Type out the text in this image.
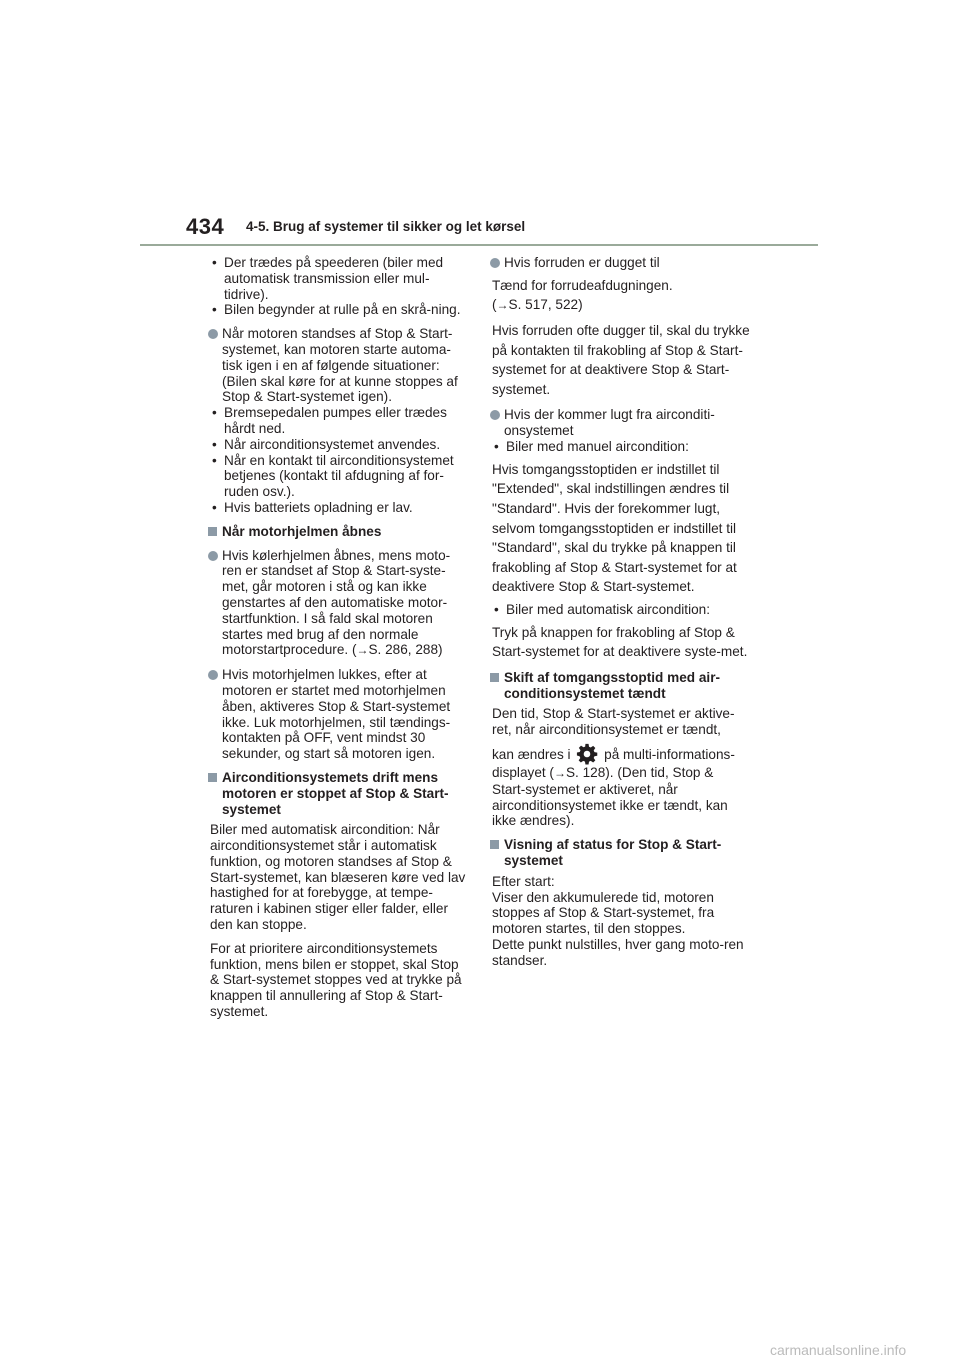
434 4-5. Brug af systemer til sikker og let kørsel
• Der trædes på speederen (biler med automatisk transmission eller mul-tidrive).
• Bilen begynder at rulle på en skrå-ning.
Når motoren standses af Stop & Start-systemet, kan motoren starte automa-tisk igen i en af følgende situationer: (Bilen skal køre for at kunne stoppes af Stop & Start-systemet igen).
• Bremsepedalen pumpes eller trædes hårdt ned.
• Når airconditionsystemet anvendes.
• Når en kontakt til airconditionsystemet betjenes (kontakt til afdugning af for-ruden osv.).
• Hvis batteriets opladning er lav.
Når motorhjelmen åbnes
Hvis kølerhjelmen åbnes, mens moto-ren er standset af Stop & Start-syste-met, går motoren i stå og kan ikke genstartes af den automatiske motor-startfunktion. I så fald skal motoren startes med brug af den normale motorstartprocedure. (→S. 286, 288)
Hvis motorhjelmen lukkes, efter at motoren er startet med motorhjelmen åben, aktiveres Stop & Start-systemet ikke. Luk motorhjelmen, stil tændings-kontakten på OFF, vent mindst 30 sekunder, og start så motoren igen.
Airconditionsystemets drift mens motoren er stoppet af Stop & Start-systemet
Biler med automatisk aircondition: Når airconditionsystemet står i automatisk funktion, og motoren standses af Stop & Start-systemet, kan blæseren køre ved lav hastighed for at forebygge, at tempe-raturen i kabinen stiger eller falder, eller den kan stoppe.
For at prioritere airconditionsystemets funktion, mens bilen er stoppet, skal Stop & Start-systemet stoppes ved at trykke på knappen til annullering af Stop & Start-systemet.
Hvis forruden er dugget til
Tænd for forrudeafdugningen.
(→S. 517, 522)
Hvis forruden ofte dugger til, skal du trykke på kontakten til frakobling af Stop & Start-systemet for at deaktivere Stop & Start-systemet.
Hvis der kommer lugt fra airconditi-onsystemet
• Biler med manuel aircondition:
Hvis tomgangsstoptiden er indstillet til "Extended", skal indstillingen ændres til "Standard". Hvis der forekommer lugt, selvom tomgangsstoptiden er indstillet til "Standard", skal du trykke på knappen til frakobling af Stop & Start-systemet for at deaktivere Stop & Start-systemet.
• Biler med automatisk aircondition:
Tryk på knappen for frakobling af Stop & Start-systemet for at deaktivere syste-met.
Skift af tomgangsstoptid med air-conditionsystemet tændt
Den tid, Stop & Start-systemet er aktive-ret, når airconditionsystemet er tændt,
kan ændres i på multi-informations-
displayet (→S. 128). (Den tid, Stop & Start-systemet er aktiveret, når airconditionsystemet ikke er tændt, kan ikke ændres).
Visning af status for Stop & Start-systemet
Efter start:
Viser den akkumulerede tid, motoren stoppes af Stop & Start-systemet, fra motoren startes, til den stoppes.
Dette punkt nulstilles, hver gang moto-ren standser.
carmanualsonline.info
